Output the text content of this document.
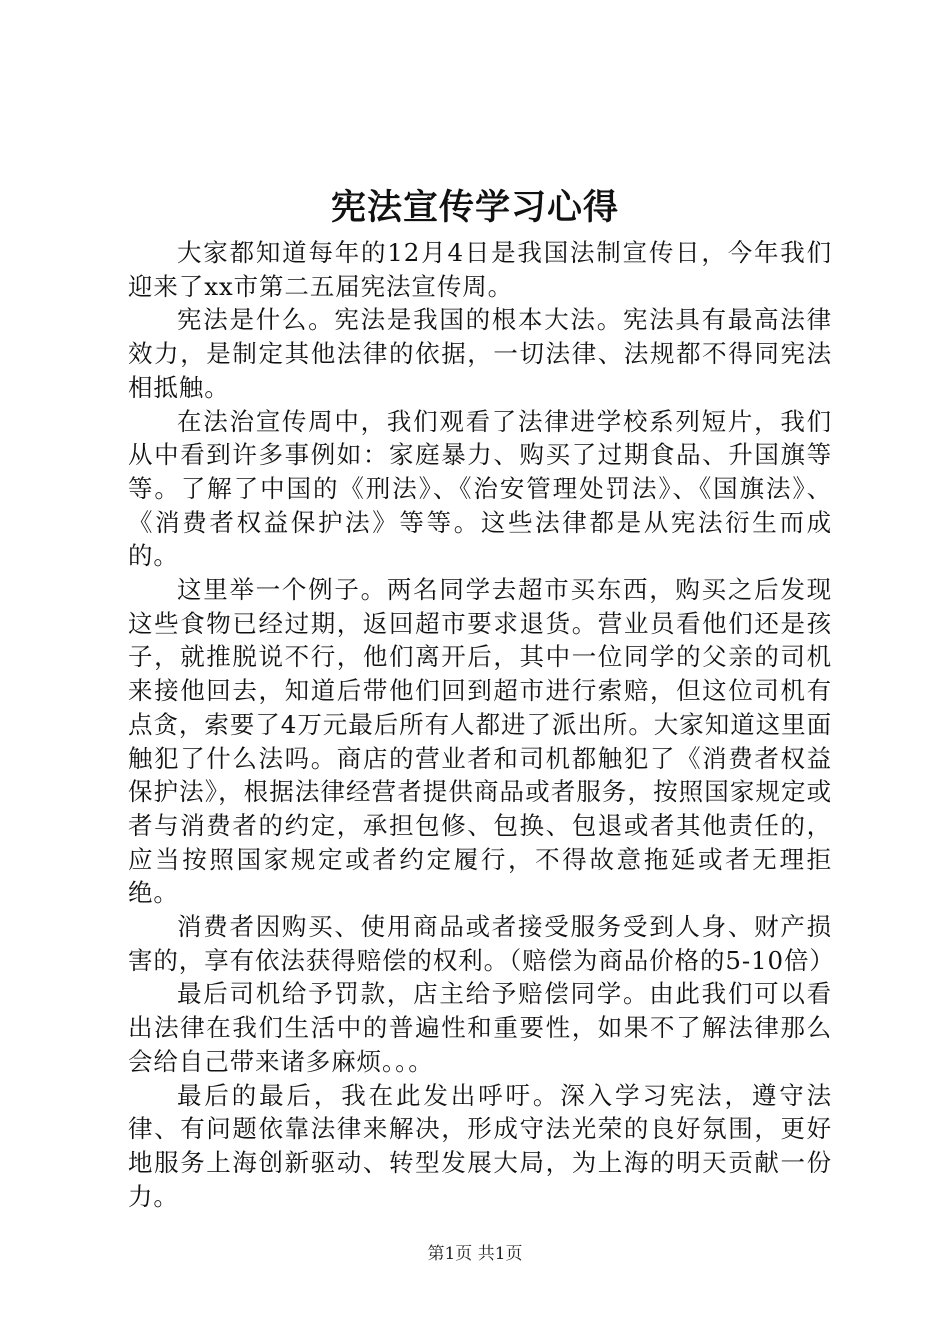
宪法宣传学习心得

大家都知道每年的12月4日是我国法制宣传日，今年我们迎来了xx市第二五届宪法宣传周。

宪法是什么。宪法是我国的根本大法。宪法具有最高法律效力，是制定其他法律的依据，一切法律、法规都不得同宪法相抵触。

在法治宣传周中，我们观看了法律进学校系列短片，我们从中看到许多事例如：家庭暴力、购买了过期食品、升国旗等等。了解了中国的《刑法》、《治安管理处罚法》、《国旗法》、《消费者权益保护法》等等。这些法律都是从宪法衍生而成的。

这里举一个例子。两名同学去超市买东西，购买之后发现这些食物已经过期，返回超市要求退货。营业员看他们还是孩子，就推脱说不行，他们离开后，其中一位同学的父亲的司机来接他回去，知道后带他们回到超市进行索赔，但这位司机有点贪，索要了4万元最后所有人都进了派出所。大家知道这里面触犯了什么法吗。商店的营业者和司机都触犯了《消费者权益保护法》，根据法律经营者提供商品或者服务，按照国家规定或者与消费者的约定，承担包修、包换、包退或者其他责任的，应当按照国家规定或者约定履行，不得故意拖延或者无理拒绝。

消费者因购买、使用商品或者接受服务受到人身、财产损害的，享有依法获得赔偿的权利。（赔偿为商品价格的5-10倍）

最后司机给予罚款，店主给予赔偿同学。由此我们可以看出法律在我们生活中的普遍性和重要性，如果不了解法律那么会给自己带来诸多麻烦。。。

最后的最后，我在此发出呼吁。深入学习宪法，遵守法律、有问题依靠法律来解决，形成守法光荣的良好氛围，更好地服务上海创新驱动、转型发展大局，为上海的明天贡献一份力。

第1页 共1页
